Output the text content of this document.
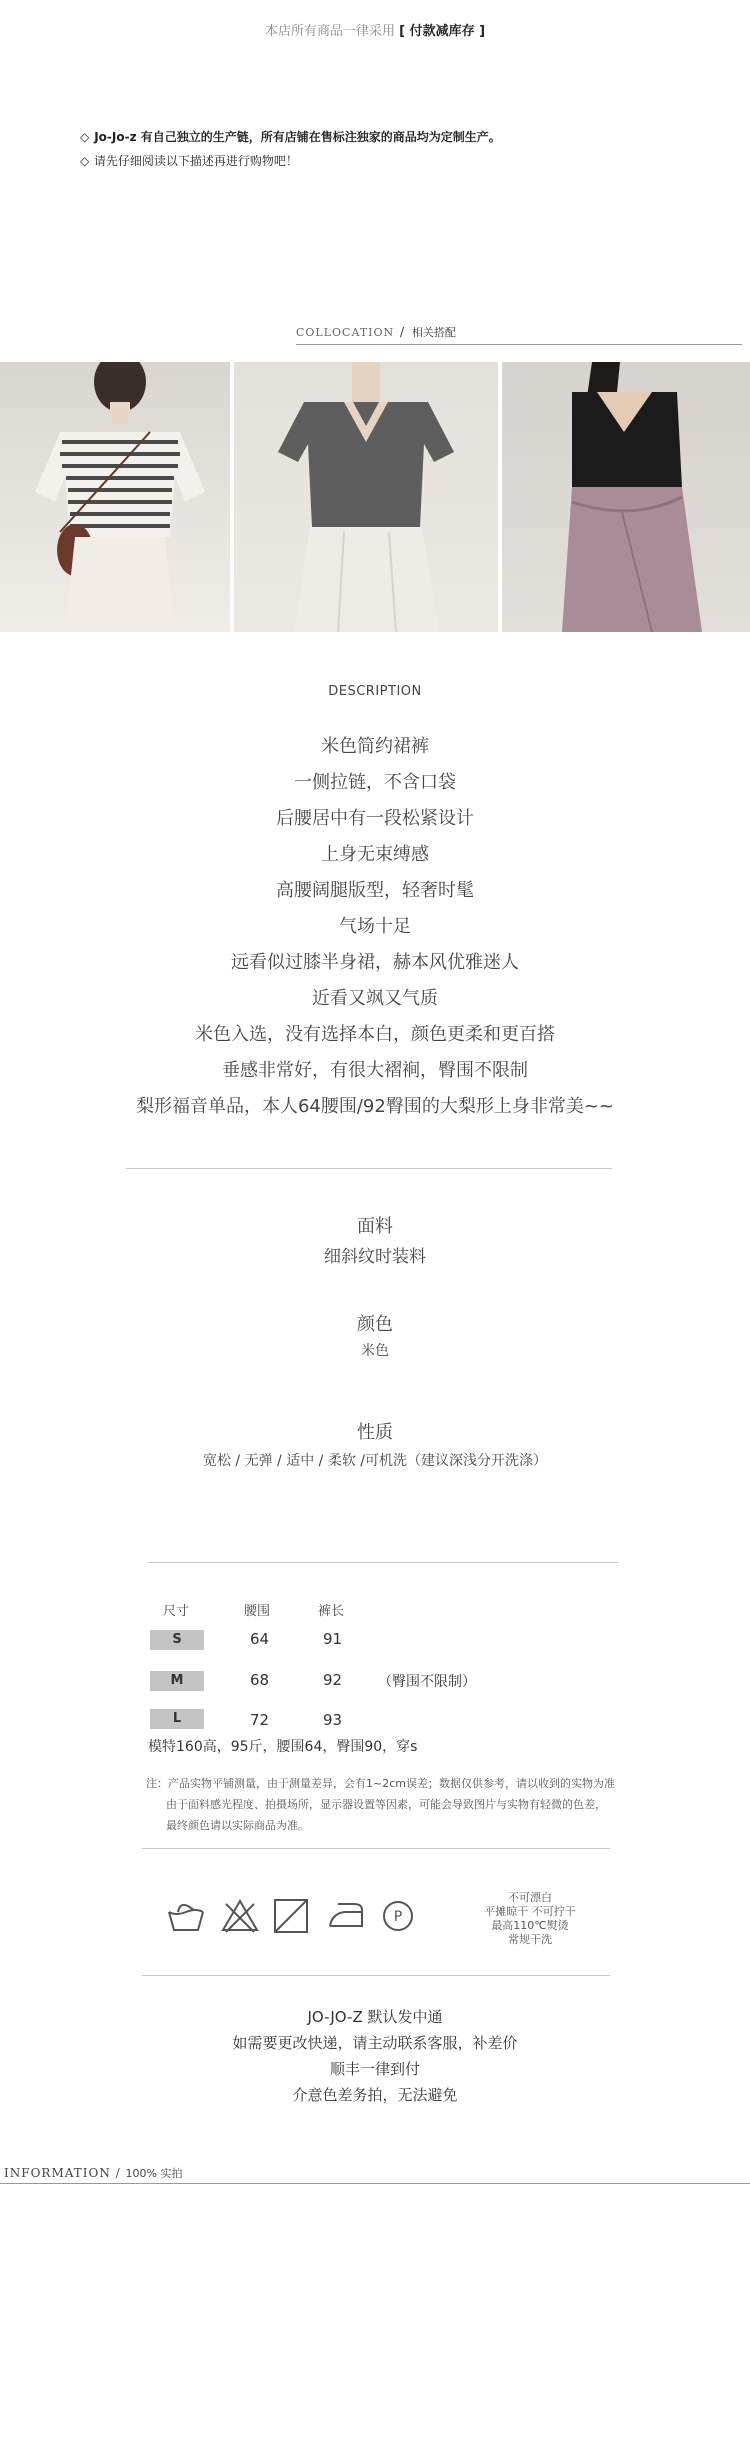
本店所有商品一律采用 [ 付款减库存 ]
◇ Jo-Jo-z 有自己独立的生产链，所有店铺在售标注独家的商品均为定制生产。
◇ 请先仔细阅读以下描述再进行购物吧！
COLLOCATION / 相关搭配
DESCRIPTION
米色简约裙裤
一侧拉链，不含口袋
后腰居中有一段松紧设计
上身无束缚感
高腰阔腿版型，轻奢时髦
气场十足
远看似过膝半身裙，赫本风优雅迷人
近看又飒又气质
米色入选，没有选择本白，颜色更柔和更百搭
垂感非常好，有很大褶裥，臀围不限制
梨形福音单品，本人64腰围/92臀围的大梨形上身非常美~~
面料
细斜纹时装料
颜色
米色
性质
宽松 / 无弹 / 适中 / 柔软 /可机洗（建议深浅分开洗涤）
尺寸	腰围	裤长
S	64	91
M	68	92	（臀围不限制）
L	72	93
模特160高，95斤，腰围64，臀围90，穿s
注：产品实物平铺测量，由于测量差异，会有1~2cm误差；数据仅供参考，请以收到的实物为准
由于面料感光程度、拍摄场所，显示器设置等因素，可能会导致图片与实物有轻微的色差，
最终颜色请以实际商品为准。
P
不可漂白
平摊晾干 不可拧干
最高110℃熨烫
常规干洗
JO-JO-Z 默认发中通
如需要更改快递，请主动联系客服，补差价
顺丰一律到付
介意色差务拍，无法避免
INFORMATION / 100% 实拍
